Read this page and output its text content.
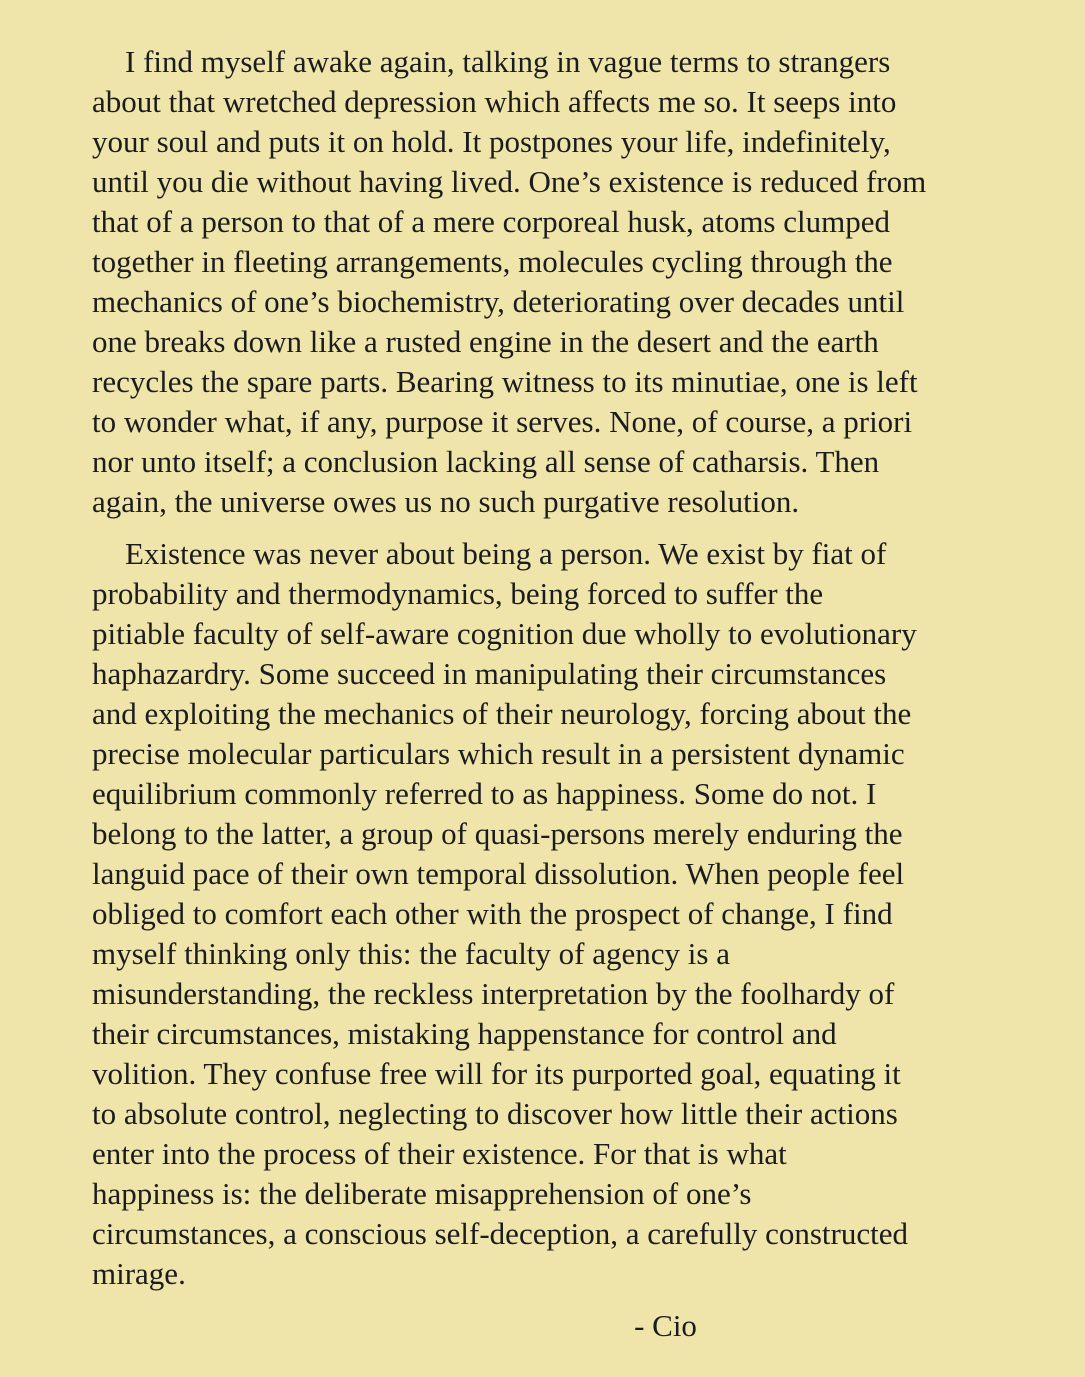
I find myself awake again, talking in vague terms to strangers
about that wretched depression which affects me so. It seeps into
your soul and puts it on hold. It postpones your life, indefinitely,
until you die without having lived. One’s existence is reduced from
that of a person to that of a mere corporeal husk, atoms clumped
together in fleeting arrangements, molecules cycling through the
mechanics of one’s biochemistry, deteriorating over decades until
one breaks down like a rusted engine in the desert and the earth
recycles the spare parts. Bearing witness to its minutiae, one is left
to wonder what, if any, purpose it serves. None, of course, a priori
nor unto itself; a conclusion lacking all sense of catharsis. Then
again, the universe owes us no such purgative resolution.

Existence was never about being a person. We exist by fiat of
probability and thermodynamics, being forced to suffer the
pitiable faculty of self-aware cognition due wholly to evolutionary
haphazardry. Some succeed in manipulating their circumstances
and exploiting the mechanics of their neurology, forcing about the
precise molecular particulars which result in a persistent dynamic
equilibrium commonly referred to as happiness. Some do not. I
belong to the latter, a group of quasi-persons merely enduring the
languid pace of their own temporal dissolution. When people feel
obliged to comfort each other with the prospect of change, I find
myself thinking only this: the faculty of agency is a
misunderstanding, the reckless interpretation by the foolhardy of
their circumstances, mistaking happenstance for control and
volition. They confuse free will for its purported goal, equating it
to absolute control, neglecting to discover how little their actions
enter into the process of their existence. For that is what
happiness is: the deliberate misapprehension of one’s
circumstances, a conscious self-deception, a carefully constructed
mirage.

- Cio
